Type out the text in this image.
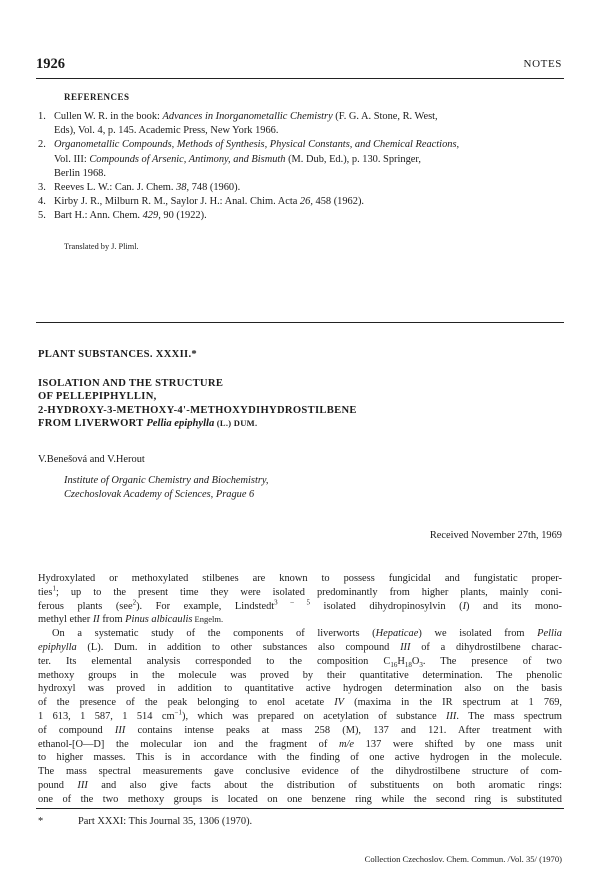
1926	NOTES
REFERENCES
1. Cullen W. R. in the book: Advances in Inorganometallic Chemistry (F. G. A. Stone, R. West,
Eds), Vol. 4, p. 145. Academic Press, New York 1966.
2. Organometallic Compounds, Methods of Synthesis, Physical Constants, and Chemical Reactions,
Vol. III: Compounds of Arsenic, Antimony, and Bismuth (M. Dub, Ed.), p. 130. Springer,
Berlin 1968.
3. Reeves L. W.: Can. J. Chem. 38, 748 (1960).
4. Kirby J. R., Milburn R. M., Saylor J. H.: Anal. Chim. Acta 26, 458 (1962).
5. Bart H.: Ann. Chem. 429, 90 (1922).
Translated by J. Pliml.
PLANT SUBSTANCES. XXXII.*
ISOLATION AND THE STRUCTURE
OF PELLEPIPHYLLIN,
2-HYDROXY-3-METHOXY-4'-METHOXYDIHYDROSTILBENE
FROM LIVERWORT Pellia epiphylla (L.) DUM.
V.Benešová and V.Herout
Institute of Organic Chemistry and Biochemistry,
Czechoslovak Academy of Sciences, Prague 6
Received November 27th, 1969
Hydroxylated or methoxylated stilbenes are known to possess fungicidal and fungistatic proper-
ties$^1$; up to the present time they were isolated predominantly from higher plants, mainly coni-
ferous plants (see$^2$). For example, Lindstedt$^{3 - 5}$ isolated dihydropinosylvin (I) and its mono-
methyl ether II from Pinus albicaulis Engelm.
On a systematic study of the components of liverworts (Hepaticae) we isolated from Pellia
epiphylla (L). Dum. in addition to other substances also compound III of a dihydrostilbene charac-
ter. Its elemental analysis corresponded to the composition $C_{16}H_{18}O_3$. The presence of two
methoxy groups in the molecule was proved by their quantitative determination. The phenolic
hydroxyl was proved in addition to quantitative active hydrogen determination also on the basis
of the presence of the peak belonging to enol acetate IV (maxima in the IR spectrum at 1 769,
1 613, 1 587, 1 514 $cm^{-1}$), which was prepared on acetylation of substance III. The mass spectrum
of compound III contains intense peaks at mass 258 (M), 137 and 121. After treatment with
ethanol-[O—D] the molecular ion and the fragment of m/e 137 were shifted by one mass unit
to higher masses. This is in accordance with the finding of one active hydrogen in the molecule.
The mass spectral measurements gave conclusive evidence of the dihydrostilbene structure of com-
pound III and also give facts about the distribution of substituents on both aromatic rings:
one of the two methoxy groups is located on one benzene ring while the second ring is substituted
*	Part XXXI: This Journal 35, 1306 (1970).
Collection Czechoslov. Chem. Commun. /Vol. 35/ (1970)
